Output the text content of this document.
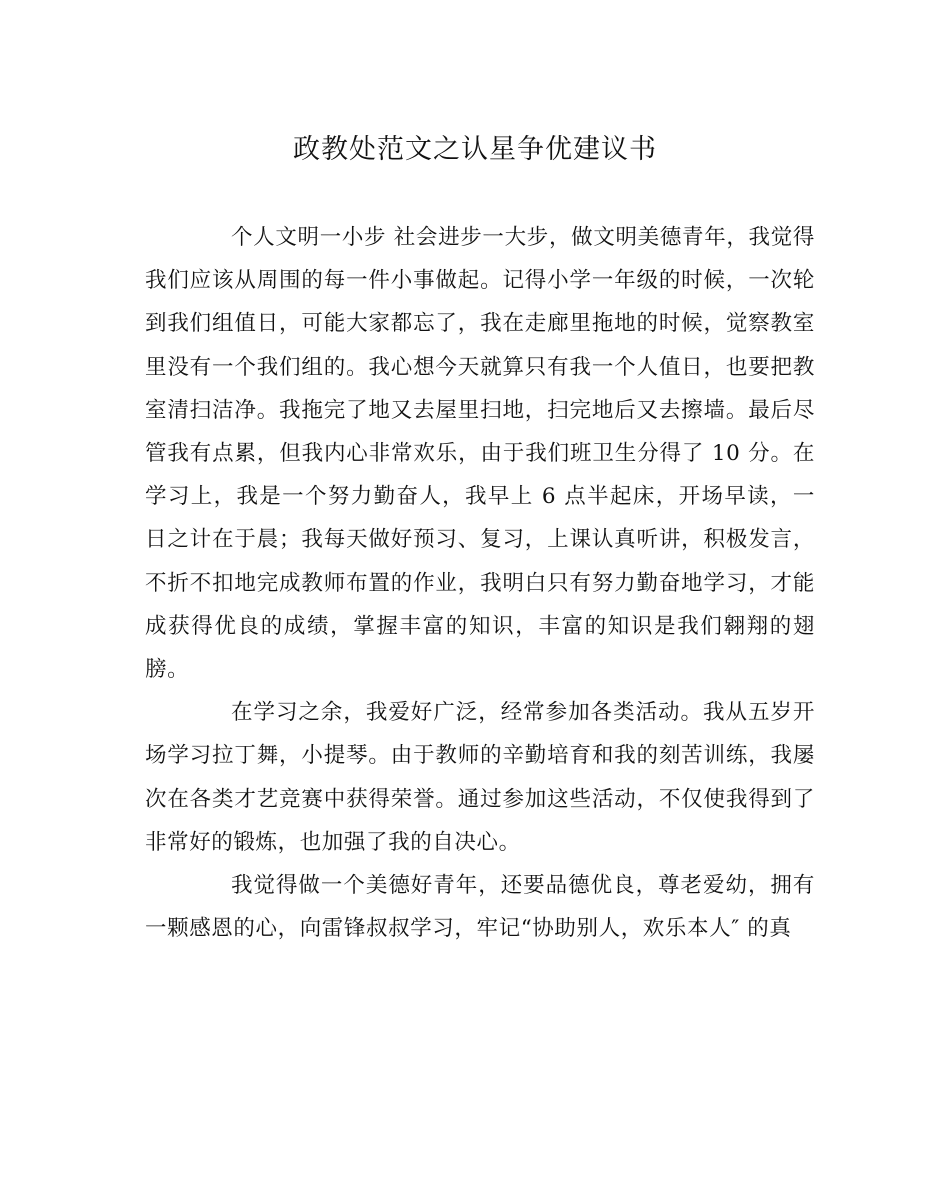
政教处范文之认星争优建议书

个人文明一小步 社会进步一大步，做文明美德青年，我觉得我们应该从周围的每一件小事做起。记得小学一年级的时候，一次轮到我们组值日，可能大家都忘了，我在走廊里拖地的时候，觉察教室里没有一个我们组的。我心想今天就算只有我一个人值日，也要把教室清扫洁净。我拖完了地又去屋里扫地，扫完地后又去擦墙。最后尽管我有点累，但我内心非常欢乐，由于我们班卫生分得了 10 分。在学习上，我是一个努力勤奋人，我早上 6 点半起床，开场早读，一日之计在于晨；我每天做好预习、复习，上课认真听讲，积极发言，不折不扣地完成教师布置的作业，我明白只有努力勤奋地学习，才能成获得优良的成绩，掌握丰富的知识，丰富的知识是我们翱翔的翅膀。

在学习之余，我爱好广泛，经常参加各类活动。我从五岁开场学习拉丁舞，小提琴。由于教师的辛勤培育和我的刻苦训练，我屡次在各类才艺竞赛中获得荣誉。通过参加这些活动，不仅使我得到了非常好的锻炼，也加强了我的自决心。

我觉得做一个美德好青年，还要品德优良，尊老爱幼，拥有一颗感恩的心，向雷锋叔叔学习，牢记“协助别人，欢乐本人″ 的真
